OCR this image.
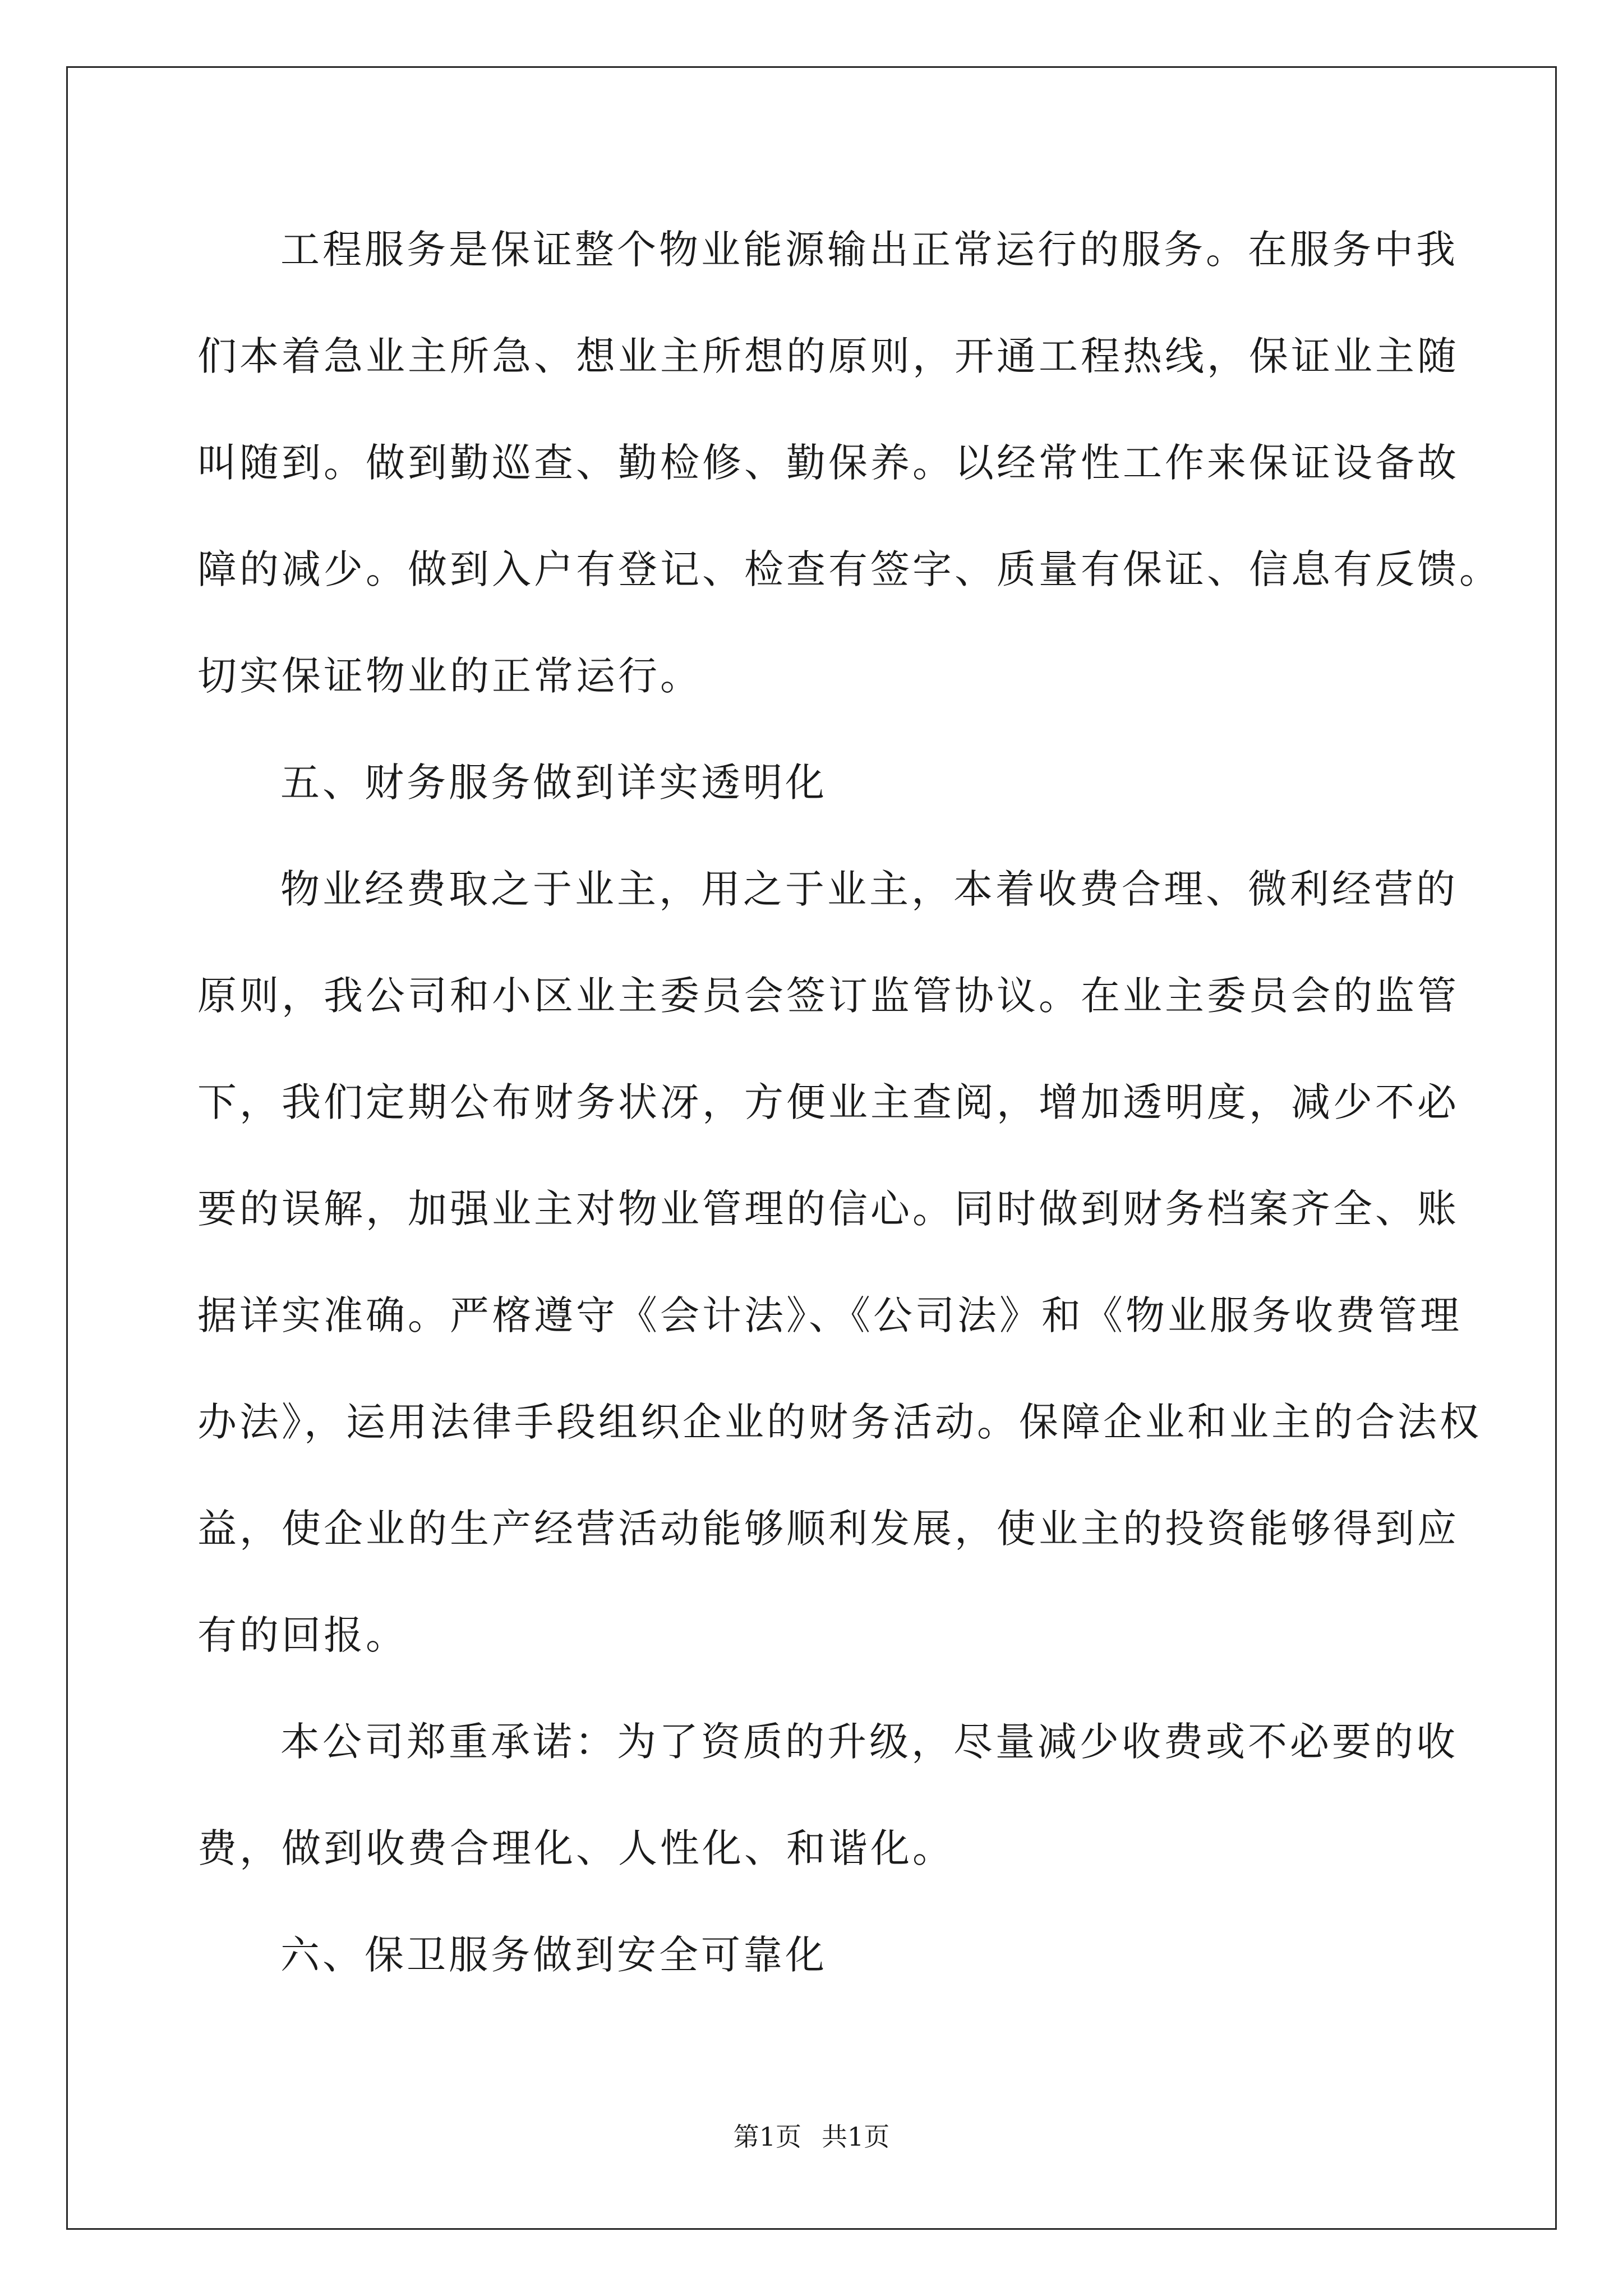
工程服务是保证整个物业能源输出正常运行的服务。在服务中我
们本着急业主所急、想业主所想的原则，开通工程热线，保证业主随
叫随到。做到勤巡查、勤检修、勤保养。以经常性工作来保证设备故
障的减少。做到入户有登记、检查有签字、质量有保证、信息有反馈。
切实保证物业的正常运行。
五、财务服务做到详实透明化
物业经费取之于业主，用之于业主，本着收费合理、微利经营的
原则，我公司和小区业主委员会签订监管协议。在业主委员会的监管
下，我们定期公布财务状冴，方便业主查阅，增加透明度，减少不必
要的误解，加强业主对物业管理的信心。同时做到财务档案齐全、账
据详实准确。严楁遵守《会计法》、《公司法》和《物业服务收费管理
办法》，运用法律手段组织企业的财务活动。保障企业和业主的合法权
益，使企业的生产经营活动能够顺利发展，使业主的投资能够得到应
有的回报。
本公司郑重承诺：为了资质的升级，尽量减少收费或不必要的收
费，做到收费合理化、人性化、和谐化。
六、保卫服务做到安全可靠化
第1页 共1页
